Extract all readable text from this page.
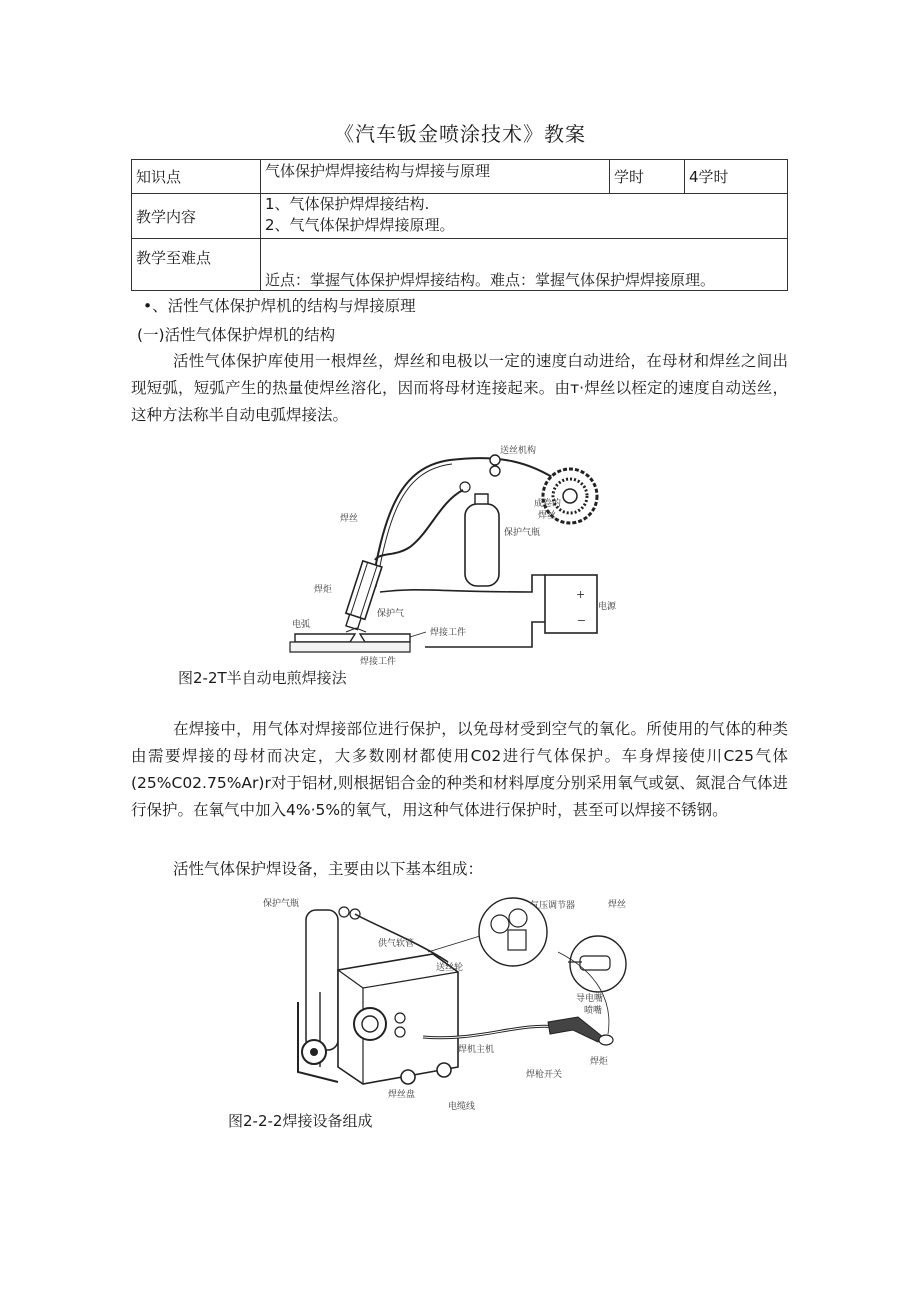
《汽车钣金喷涂技术》教案
知识点	气体保护焊焊接结构与焊接与原理	学时	4学时
教学内容	1、气体保护焊焊接结构.
2、气气体保护焊焊接原理。		

教学至难点	近点：掌握气体保护焊焊接结构。难点：掌握气体保护焊焊接原理。		
•、活性气体保护焊机的结构与焊接原理
(一)活性气体保护焊机的结构
活性气体保护库使用一根焊丝，焊丝和电极以一定的速度白动进给，在母材和焊丝之间出现短弧，短弧产生的热量使焊丝溶化，因而将母材连接起来。由т·焊丝以桎定的速度自动送丝，这种方法称半自动电弧焊接法。
+
−
送丝机构
焊丝
保护气瓶
成卷的
焊丝
焊炬
保护气
电源
电弧
焊接工件
焊接工件
图2-2T半自动电煎焊接法
在焊接中，用气体对焊接部位进行保护，以免母材受到空气的氧化。所使用的气体的种类由需要焊接的母材而决定，大多数刚材都使用C02进行气体保护。车身焊接使川C25气体(25%C02.75%Ar)r对于铝材,则根据铝合金的种类和材料厚度分别采用氧气或氨、氮混合气体进行保护。在氧气中加入4%·5%的氧气，用这种气体进行保护时，甚至可以焊接不锈钢。
活性气体保护焊设备，主要由以下基本组成：
保护气瓶	气压调节器	焊丝
供气软管
送丝轮
导电嘴
喷嘴
焊机主机
焊丝盘
焊枪开关
焊炬
电缆线
图2-2-2焊接设备组成
